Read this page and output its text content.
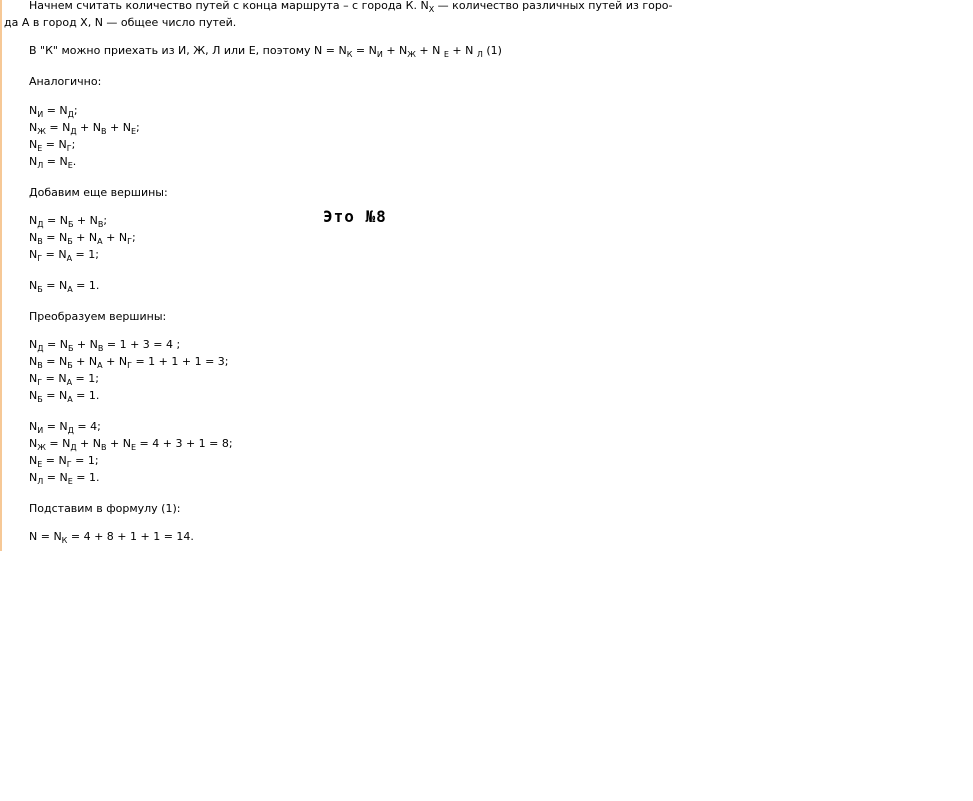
Начнем считать количество путей с конца маршрута – с города К. $N_X$ — количество различных путей из горо-

да А в город Х, N — общее число путей.

В "К" можно приехать из И, Ж, Л или Е, поэтому $N = N_К = N_И + N_Ж + N$ $_Е$ + N $_Л$ (1)

Аналогично:

$N_И = N_Д$;

$N_Ж = N_Д + N_В + N_Е$;

$N_Е = N_Г$;

$N_Л = N_Е$.

Добавим еще вершины:

$N_Д = N_Б + N_В$;

$N_В = N_Б + N_А + N_Г$;

$N_Г = N_А = 1$;

$N_Б = N_А = 1$.

Преобразуем вершины:

$N_Д = N_Б + N_В = 1 + 3 = 4$ ;

$N_В = N_Б + N_А + N_Г = 1 + 1 + 1 = 3$;

$N_Г = N_А = 1$;

$N_Б = N_А = 1$.

$N_И = N_Д = 4$;

$N_Ж = N_Д + N_В + N_Е = 4 + 3 + 1 = 8$;

$N_Е = N_Г = 1$;

$N_Л = N_Е = 1$.

Подставим в формулу (1):

$N = N_К = 4 + 8 + 1 + 1 = 14$.

Это №8
